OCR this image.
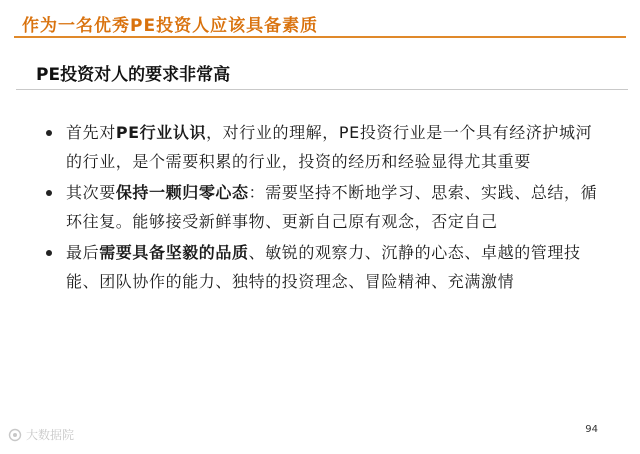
作为一名优秀PE投资人应该具备素质
PE投资对人的要求非常高
首先对PE行业认识，对行业的理解，PE投资行业是一个具有经济护城河的行业，是个需要积累的行业，投资的经历和经验显得尤其重要
其次要保持一颗归零心态：需要坚持不断地学习、思索、实践、总结，循环往复。能够接受新鲜事物、更新自己原有观念，否定自己
最后需要具备坚毅的品质、敏锐的观察力、沉静的心态、卓越的管理技能、团队协作的能力、独特的投资理念、冒险精神、充满激情
大数据院	94
